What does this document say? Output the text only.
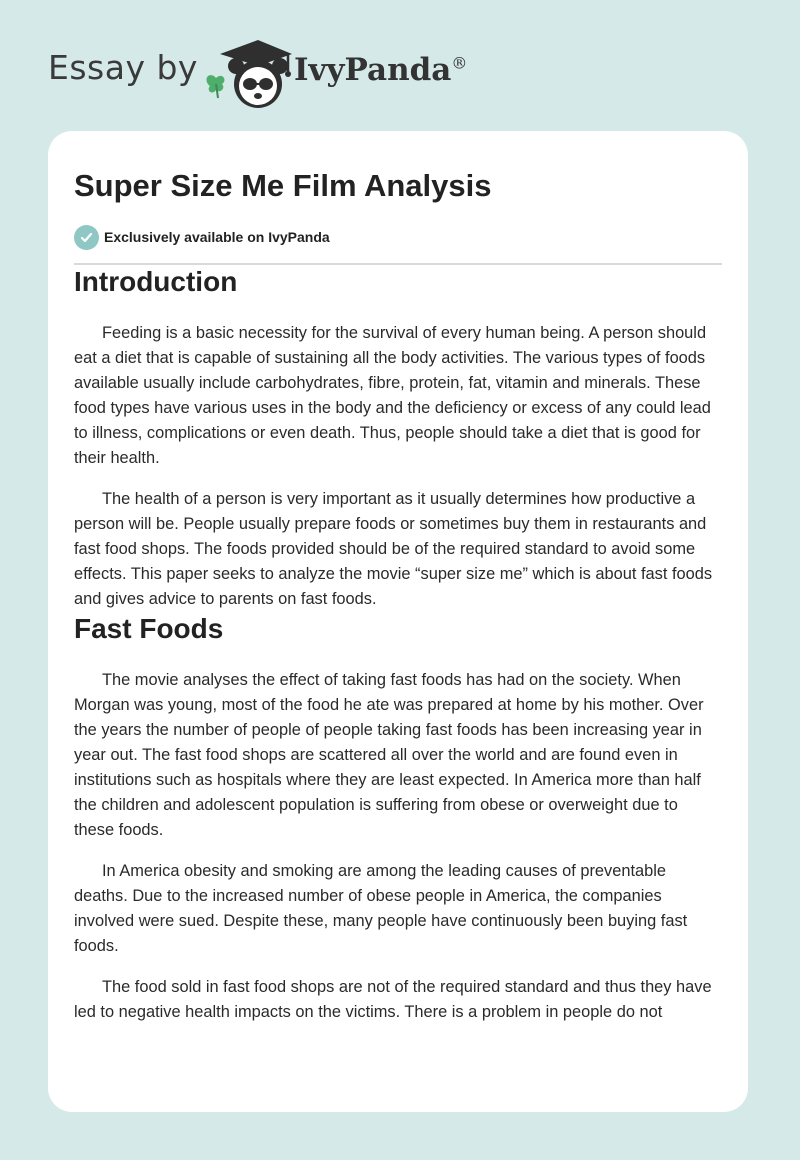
Essay by	IvyPanda®
Super Size Me Film Analysis
Exclusively available on IvyPanda
Introduction

Feeding is a basic necessity for the survival of every human being. A person should eat a diet that is capable of sustaining all the body activities. The various types of foods available usually include carbohydrates, fibre, protein, fat, vitamin and minerals. These food types have various uses in the body and the deficiency or excess of any could lead to illness, complications or even death. Thus, people should take a diet that is good for their health.

The health of a person is very important as it usually determines how productive a person will be. People usually prepare foods or sometimes buy them in restaurants and fast food shops. The foods provided should be of the required standard to avoid some effects. This paper seeks to analyze the movie “super size me” which is about fast foods and gives advice to parents on fast foods.

Fast Foods

The movie analyses the effect of taking fast foods has had on the society. When Morgan was young, most of the food he ate was prepared at home by his mother. Over the years the number of people of people taking fast foods has been increasing year in year out. The fast food shops are scattered all over the world and are found even in institutions such as hospitals where they are least expected. In America more than half the children and adolescent population is suffering from obese or overweight due to these foods.

In America obesity and smoking are among the leading causes of preventable deaths. Due to the increased number of obese people in America, the companies involved were sued. Despite these, many people have continuously been buying fast foods.

The food sold in fast food shops are not of the required standard and thus they have led to negative health impacts on the victims. There is a problem in people do not
